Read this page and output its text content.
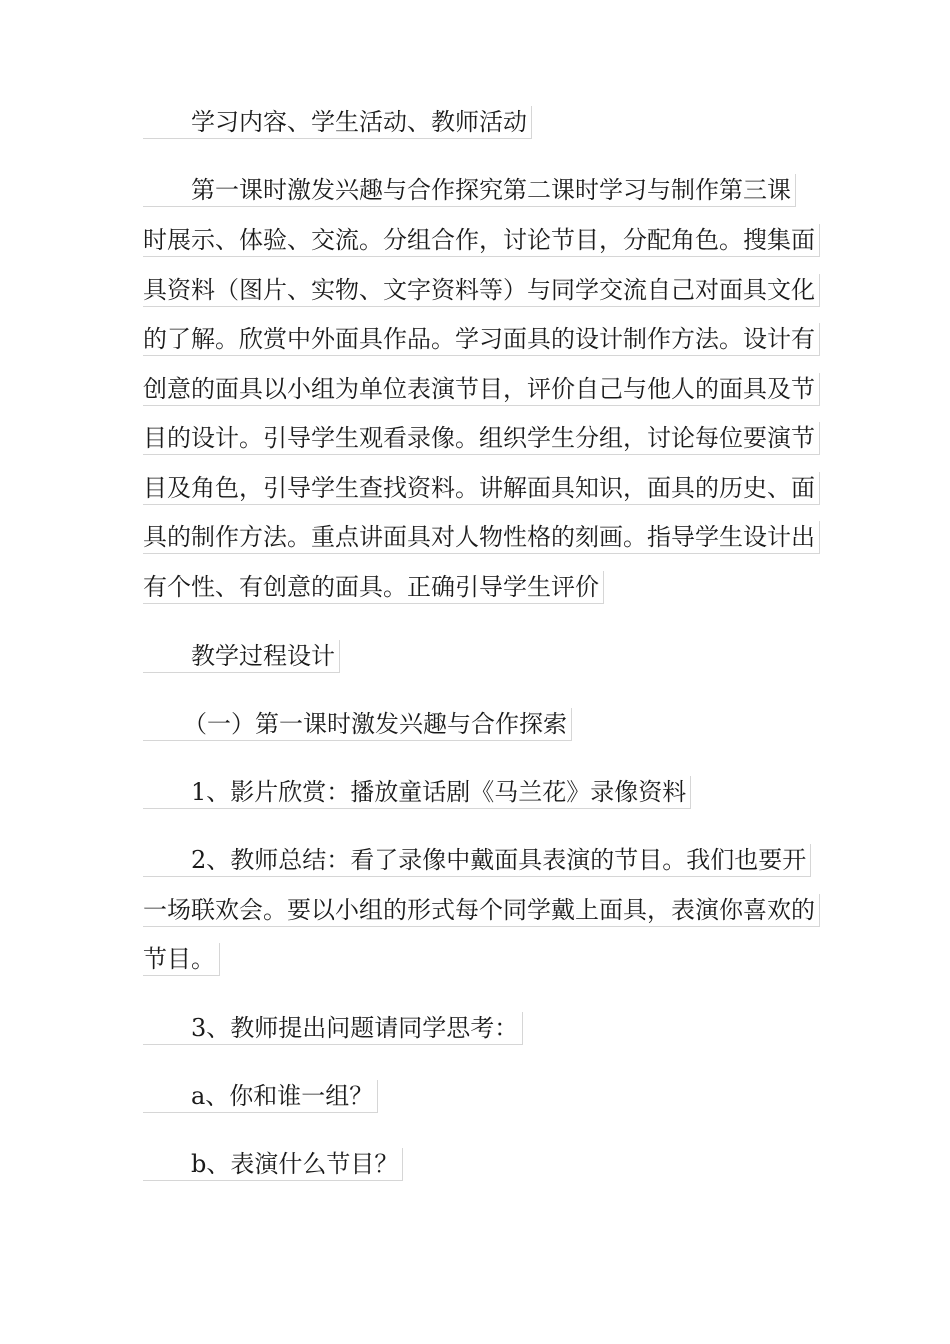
学习内容、学生活动、教师活动
第一课时激发兴趣与合作探究第二课时学习与制作第三课
时展示、体验、交流。分组合作，讨论节目，分配角色。搜集面
具资料（图片、实物、文字资料等）与同学交流自己对面具文化
的了解。欣赏中外面具作品。学习面具的设计制作方法。设计有
创意的面具以小组为单位表演节目，评价自己与他人的面具及节
目的设计。引导学生观看录像。组织学生分组，讨论每位要演节
目及角色，引导学生查找资料。讲解面具知识，面具的历史、面
具的制作方法。重点讲面具对人物性格的刻画。指导学生设计出
有个性、有创意的面具。正确引导学生评价
教学过程设计
（一）第一课时激发兴趣与合作探索
1、影片欣赏：播放童话剧《马兰花》录像资料
2、教师总结：看了录像中戴面具表演的节目。我们也要开
一场联欢会。要以小组的形式每个同学戴上面具，表演你喜欢的
节目。
3、教师提出问题请同学思考：
a、你和谁一组？
b、表演什么节目？
